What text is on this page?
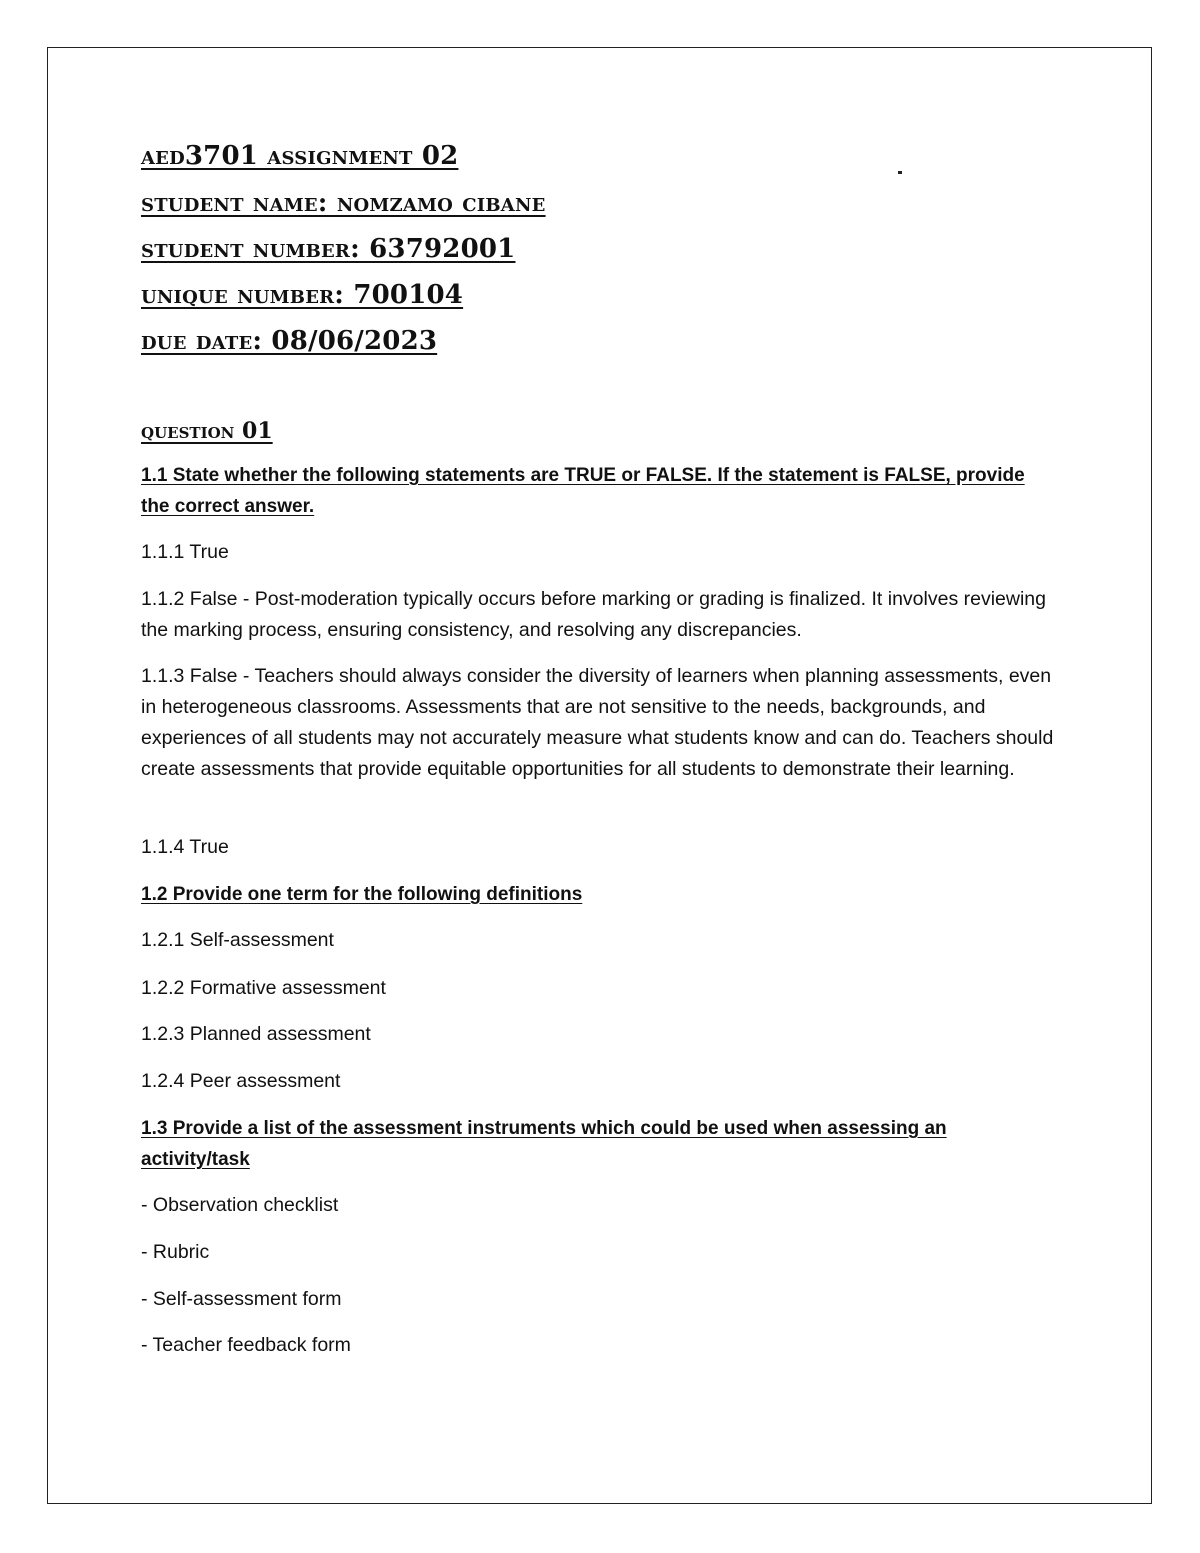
aed3701 assignment 02
student name: nomzamo cibane
student number: 63792001
unique number: 700104
due date: 08/06/2023
question 01
1.1 State whether the following statements are TRUE or FALSE. If the statement is FALSE, provide the correct answer.
1.1.1 True
1.1.2 False - Post-moderation typically occurs before marking or grading is finalized. It involves reviewing the marking process, ensuring consistency, and resolving any discrepancies.
1.1.3 False - Teachers should always consider the diversity of learners when planning assessments, even in heterogeneous classrooms. Assessments that are not sensitive to the needs, backgrounds, and experiences of all students may not accurately measure what students know and can do. Teachers should create assessments that provide equitable opportunities for all students to demonstrate their learning.
1.1.4 True
1.2 Provide one term for the following definitions
1.2.1 Self-assessment
1.2.2 Formative assessment
1.2.3 Planned assessment
1.2.4 Peer assessment
1.3 Provide a list of the assessment instruments which could be used when assessing an activity/task
- Observation checklist
- Rubric
- Self-assessment form
- Teacher feedback form
